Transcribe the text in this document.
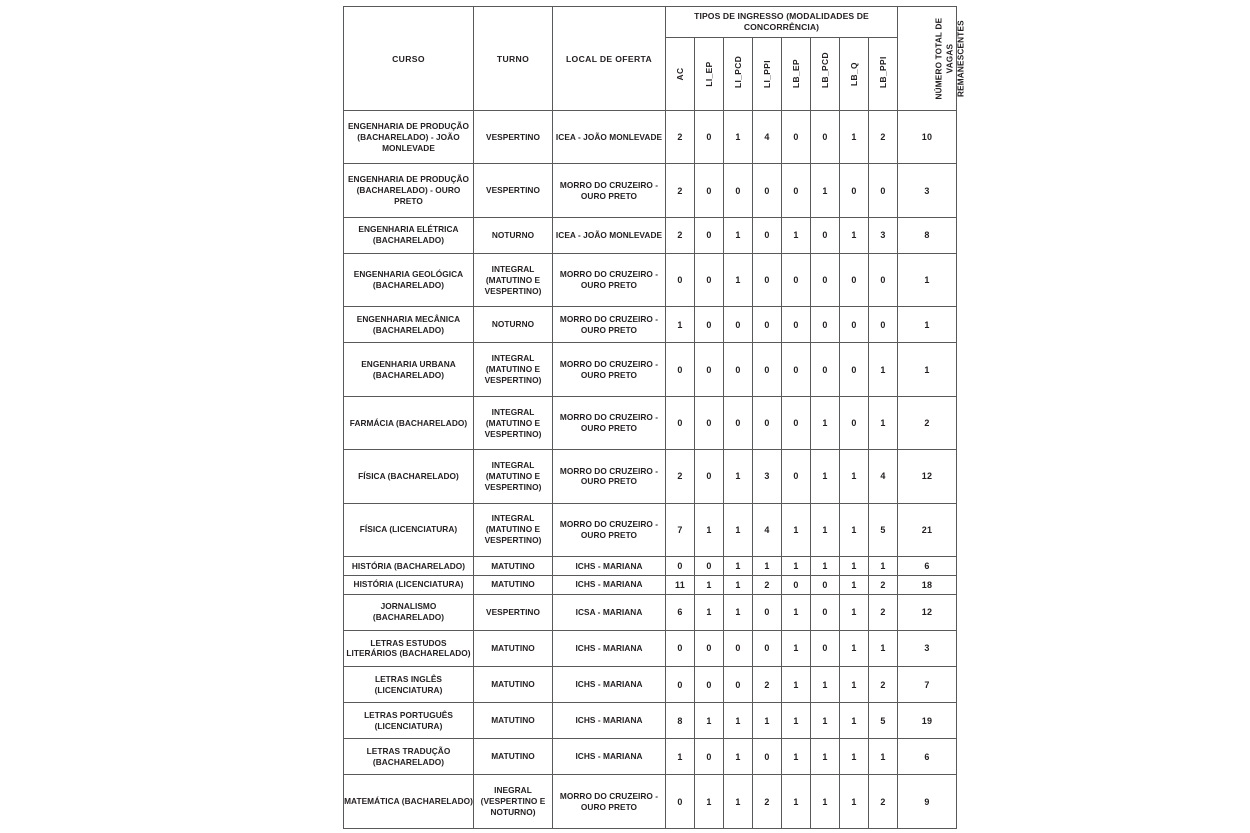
CURSO	TURNO	LOCAL DE OFERTA	TIPOS DE INGRESSO (MODALIDADES DE CONCORRÊNCIA)								NÚMERO TOTAL DE VAGAS REMANESCENTES

			AC	LI_EP	LI_PCD	LI_PPI	LB_EP	LB_PCD	LB_Q	LB_PPI	

ENGENHARIA DE PRODUÇÃO (BACHARELADO) - JOÃO MONLEVADE	VESPERTINO	ICEA - JOÃO MONLEVADE	2	0	1	4	0	0	1	2	10
ENGENHARIA DE PRODUÇÃO (BACHARELADO) - OURO PRETO	VESPERTINO	MORRO DO CRUZEIRO - OURO PRETO	2	0	0	0	0	1	0	0	3
ENGENHARIA ELÉTRICA (BACHARELADO)	NOTURNO	ICEA - JOÃO MONLEVADE	2	0	1	0	1	0	1	3	8
ENGENHARIA GEOLÓGICA (BACHARELADO)	INTEGRAL (MATUTINO E VESPERTINO)	MORRO DO CRUZEIRO - OURO PRETO	0	0	1	0	0	0	0	0	1
ENGENHARIA MECÂNICA (BACHARELADO)	NOTURNO	MORRO DO CRUZEIRO - OURO PRETO	1	0	0	0	0	0	0	0	1
ENGENHARIA URBANA (BACHARELADO)	INTEGRAL (MATUTINO E VESPERTINO)	MORRO DO CRUZEIRO - OURO PRETO	0	0	0	0	0	0	0	1	1
FARMÁCIA (BACHARELADO)	INTEGRAL (MATUTINO E VESPERTINO)	MORRO DO CRUZEIRO - OURO PRETO	0	0	0	0	0	1	0	1	2
FÍSICA (BACHARELADO)	INTEGRAL (MATUTINO E VESPERTINO)	MORRO DO CRUZEIRO - OURO PRETO	2	0	1	3	0	1	1	4	12
FÍSICA (LICENCIATURA)	INTEGRAL (MATUTINO E VESPERTINO)	MORRO DO CRUZEIRO - OURO PRETO	7	1	1	4	1	1	1	5	21
HISTÓRIA (BACHARELADO)	MATUTINO	ICHS - MARIANA	0	0	1	1	1	1	1	1	6
HISTÓRIA (LICENCIATURA)	MATUTINO	ICHS - MARIANA	11	1	1	2	0	0	1	2	18
JORNALISMO (BACHARELADO)	VESPERTINO	ICSA - MARIANA	6	1	1	0	1	0	1	2	12
LETRAS ESTUDOS LITERÁRIOS (BACHARELADO)	MATUTINO	ICHS - MARIANA	0	0	0	0	1	0	1	1	3
LETRAS INGLÊS (LICENCIATURA)	MATUTINO	ICHS - MARIANA	0	0	0	2	1	1	1	2	7
LETRAS PORTUGUÊS (LICENCIATURA)	MATUTINO	ICHS - MARIANA	8	1	1	1	1	1	1	5	19
LETRAS TRADUÇÃO (BACHARELADO)	MATUTINO	ICHS - MARIANA	1	0	1	0	1	1	1	1	6
MATEMÁTICA (BACHARELADO)	INEGRAL (VESPERTINO E NOTURNO)	MORRO DO CRUZEIRO - OURO PRETO	0	1	1	2	1	1	1	2	9
